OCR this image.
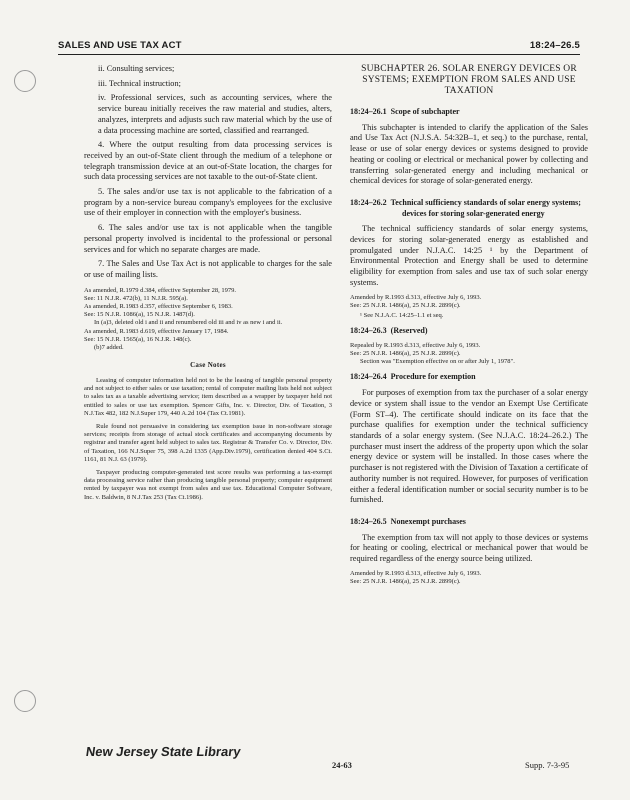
SALES AND USE TAX ACT	18:24–26.5

ii. Consulting services;

iii. Technical instruction;

iv. Professional services, such as accounting services, where the service bureau initially receives the raw material and studies, alters, analyzes, interprets and adjusts such raw material which by the use of a data processing machine are sorted, classified and rearranged.

4. Where the output resulting from data processing services is received by an out-of-State client through the medium of a telephone or telegraph transmission device at an out-of-State location, the charges for such data processing services are not taxable to the out-of-State client.

5. The sales and/or use tax is not applicable to the fabrication of a program by a non-service bureau company's employees for the exclusive use of their employer in connection with the employer's business.

6. The sales and/or use tax is not applicable when the tangible personal property involved is incidental to the professional or personal services and for which no separate charges are made.

7. The Sales and Use Tax Act is not applicable to charges for the sale or use of mailing lists.

As amended, R.1979 d.384, effective September 28, 1979.

See: 11 N.J.R. 472(b), 11 N.J.R. 595(a).

As amended, R.1983 d.357, effective September 6, 1983.

See: 15 N.J.R. 1086(a), 15 N.J.R. 1487(d).

In (a)3, deleted old i and ii and renumbered old iii and iv as new i and ii.

As amended, R.1983 d.619, effective January 17, 1984.

See: 15 N.J.R. 1565(a), 16 N.J.R. 148(c).

(b)7 added.

Case Notes

Leasing of computer information held not to be the leasing of tangible personal property and not subject to either sales or use taxation; rental of computer mailing lists held not subject to sales tax as a taxable advertising service; item described as a wrapper by taxpayer held not entitled to sales or use tax exemption. Spencer Gifts, Inc. v. Director, Div. of Taxation, 3 N.J.Tax 482, 182 N.J.Super 179, 440 A.2d 104 (Tax Ct.1981).

Rule found not persuasive in considering tax exemption issue in non-software storage services; receipts from storage of actual stock certificates and accompanying documents by registrar and transfer agent held subject to sales tax. Registrar & Transfer Co. v. Director, Div. of Taxation, 166 N.J.Super 75, 398 A.2d 1335 (App.Div.1979), certification denied 404 S.Ct. 1161, 81 N.J. 63 (1979).

Taxpayer producing computer-generated test score results was performing a tax-exempt data processing service rather than producing tangible personal property; computer equipment rented by taxpayer was not exempt from sales and use tax. Educational Computer Software, Inc. v. Baldwin, 8 N.J.Tax 253 (Tax Ct.1986).

SUBCHAPTER 26. SOLAR ENERGY DEVICES OR SYSTEMS; EXEMPTION FROM SALES AND USE TAXATION

18:24–26.1 Scope of subchapter

This subchapter is intended to clarify the application of the Sales and Use Tax Act (N.J.S.A. 54:32B–1, et seq.) to the purchase, rental, lease or use of solar energy devices or systems designed to provide heating or cooling or electrical or mechanical power by collecting and transferring solar-generated energy and including mechanical or chemical devices for storage of solar-generated energy.

18:24–26.2 Technical sufficiency standards of solar energy systems; devices for storing solar-generated energy

The technical sufficiency standards of solar energy systems, devices for storing solar-generated energy as established and promulgated under N.J.A.C. 14:25 ¹ by the Department of Environmental Protection and Energy shall be used to determine eligibility for exemption from sales and use tax of such solar energy systems.

Amended by R.1993 d.313, effective July 6, 1993.

See: 25 N.J.R. 1486(a), 25 N.J.R. 2899(c).

¹ See N.J.A.C. 14:25–1.1 et seq.

18:24–26.3 (Reserved)

Repealed by R.1993 d.313, effective July 6, 1993.

See: 25 N.J.R. 1486(a), 25 N.J.R. 2899(c).

Section was "Exemption effective on or after July 1, 1978".

18:24–26.4 Procedure for exemption

For purposes of exemption from tax the purchaser of a solar energy device or system shall issue to the vendor an Exempt Use Certificate (Form ST–4). The certificate should indicate on its face that the purchase qualifies for exemption under the technical sufficiency standards of a solar energy system. (See N.J.A.C. 18:24–26.2.) The purchaser must insert the address of the property upon which the solar energy device or system will be installed. In those cases where the purchaser is not registered with the Division of Taxation a certificate of authority number is not required. However, for purposes of verification either a federal identification number or social security number is to be furnished.

18:24–26.5 Nonexempt purchases

The exemption from tax will not apply to those devices or systems for heating or cooling, electrical or mechanical power that would be required regardless of the energy source being utilized.

Amended by R.1993 d.313, effective July 6, 1993.

See: 25 N.J.R. 1486(a), 25 N.J.R. 2899(c).

New Jersey State Library
24-63	Supp. 7-3-95
